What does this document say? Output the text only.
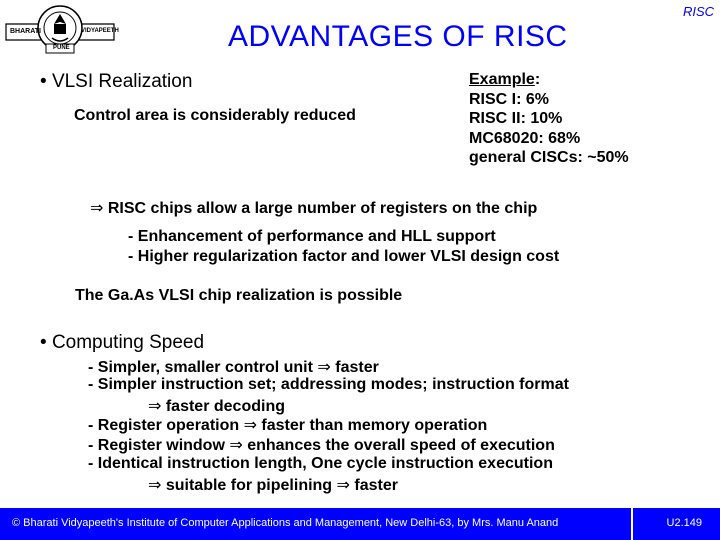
BHARATI	VIDYAPEETH
PUNE	ADVANTAGES OF RISC
RISC
• VLSI Realization
Control area is considerably reduced
Example:
RISC I: 6%
RISC II: 10%
MC68020: 68%
general CISCs: ~50%
⇒ RISC chips allow a large number of registers on the chip
- Enhancement of performance and HLL support
- Higher regularization factor and lower VLSI design cost
The Ga.As VLSI chip realization is possible
• Computing Speed
- Simpler, smaller control unit ⇒ faster
- Simpler instruction set; addressing modes; instruction format
⇒ faster decoding
- Register operation ⇒ faster than memory operation
- Register window ⇒ enhances the overall speed of execution
- Identical instruction length, One cycle instruction execution
⇒ suitable for pipelining ⇒ faster
© Bharati Vidyapeeth's Institute of Computer Applications and Management, New Delhi-63, by Mrs. Manu Anand	U2.149
